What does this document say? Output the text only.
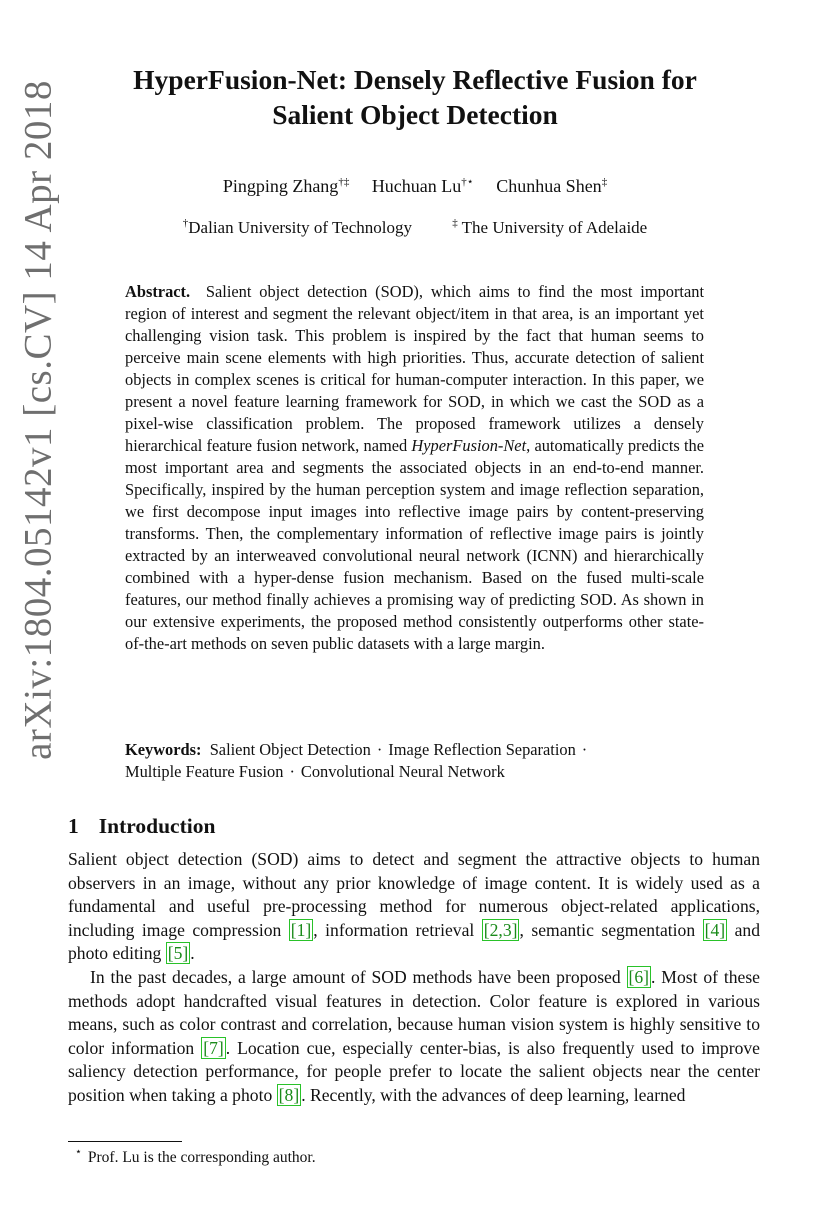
arXiv:1804.05142v1 [cs.CV] 14 Apr 2018
HyperFusion-Net: Densely Reflective Fusion for
Salient Object Detection
Pingping Zhang†‡ Huchuan Lu†⋆ Chunhua Shen‡
†Dalian University of Technology	‡ The University of Adelaide

Abstract. Salient object detection (SOD), which aims to find the most important region of interest and segment the relevant object/item in that area, is an important yet challenging vision task. This problem is inspired by the fact that human seems to perceive main scene elements with high priorities. Thus, accurate detection of salient objects in complex scenes is critical for human-computer interaction. In this paper, we present a novel feature learning framework for SOD, in which we cast the SOD as a pixel-wise classification problem. The proposed framework utilizes a densely hierarchical feature fusion network, named HyperFusion-Net, automatically predicts the most important area and segments the associated objects in an end-to-end manner. Specifically, inspired by the human perception system and image reflection separation, we first decompose input images into reflective image pairs by content-preserving transforms. Then, the complementary information of reflective image pairs is jointly extracted by an interweaved convolutional neural network (ICNN) and hierarchically combined with a hyper-dense fusion mechanism. Based on the fused multi-scale features, our method finally achieves a promising way of predicting SOD. As shown in our extensive experiments, the proposed method consistently outperforms other state-of-the-art methods on seven public datasets with a large margin.

Keywords: Salient Object Detection · Image Reflection Separation ·
Multiple Feature Fusion · Convolutional Neural Network

1 Introduction

Salient object detection (SOD) aims to detect and segment the attractive objects to human observers in an image, without any prior knowledge of image content. It is widely used as a fundamental and useful pre-processing method for numerous object-related applications, including image compression [1] , information retrieval [2,3] , semantic segmentation [4] and photo editing [5] .

In the past decades, a large amount of SOD methods have been proposed [6] . Most of these methods adopt handcrafted visual features in detection. Color feature is explored in various means, such as color contrast and correlation, because human vision system is highly sensitive to color information [7] . Location cue, especially center-bias, is also frequently used to improve saliency detection performance, for people prefer to locate the salient objects near the center position when taking a photo [8] . Recently, with the advances of deep learning, learned

⋆ Prof. Lu is the corresponding author.
